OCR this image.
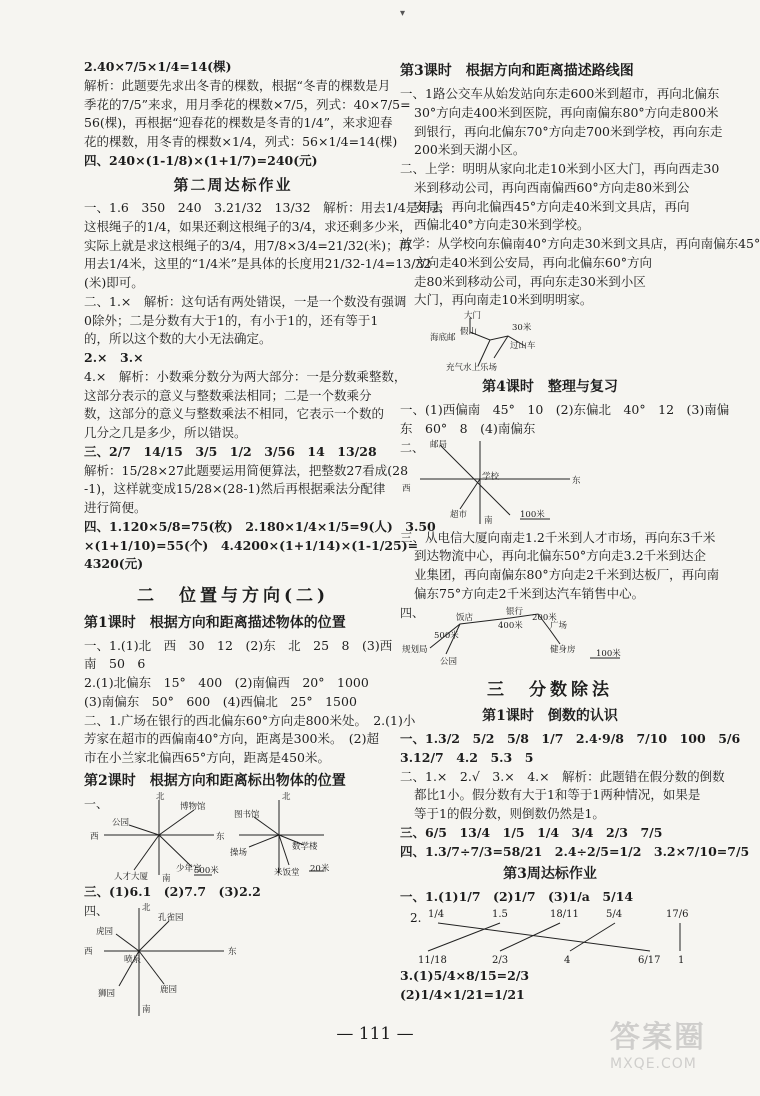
▾
2.40×7/5×1/4=14(棵)
解析：此题要先求出冬青的棵数，根据“冬青的棵数是月
季花的7/5”来求，用月季花的棵数×7/5，列式：40×7/5=
56(棵)，再根据“迎春花的棵数是冬青的1/4”，来求迎春
花的棵数，用冬青的棵数×1/4，列式：56×1/4=14(棵)
四、240×(1-1/8)×(1+1/7)=240(元)
第二周达标作业
一、1.6　350　240　3.21/32　13/32　解析：用去1/4是用去
这根绳子的1/4，如果还剩这根绳子的3/4，求还剩多少米，
实际上就是求这根绳子的3/4，用7/8×3/4=21/32(米)；再
用去1/4米，这里的“1/4米”是具体的长度用21/32-1/4=13/32
(米)即可。
二、1.×　解析：这句话有两处错误，一是一个数没有强调
0除外；二是分数有大于1的，有小于1的，还有等于1
的，所以这个数的大小无法确定。
2.×　3.×
4.×　解析：小数乘分数分为两大部分：一是分数乘整数，
这部分表示的意义与整数乘法相同；二是一个数乘分
数，这部分的意义与整数乘法不相同，它表示一个数的
几分之几是多少，所以错误。
三、2/7　14/15　3/5　1/2　3/56　14　13/28
解析：15/28×27此题要运用简便算法，把整数27看成(28
-1)，这样就变成15/28×(28-1)然后再根据乘法分配律
进行简便。
四、1.120×5/8=75(枚)　2.180×1/4×1/5=9(人)　3.50
×(1+1/10)=55(个)　4.4200×(1+1/14)×(1-1/25)=
4320(元)
二　位置与方向(二)
第1课时　根据方向和距离描述物体的位置
一、1.(1)北　西　30　12　(2)东　北　25　8　(3)西
南　50　6
2.(1)北偏东　15°　400　(2)南偏西　20°　1000
(3)南偏东　50°　600　(4)西偏北　25°　1500
二、1.广场在银行的西北偏东60°方向走800米处。　2.(1)小
芳家在超市的西偏南40°方向，距离是300米。　(2)超
市在小兰家北偏西65°方向，距离是450米。
第2课时　根据方向和距离标出物体的位置
一、	北
西	东
南
博物馆
公园
人才大厦
少年宫
500米
北
图书馆
操场
数学楼
米饭堂 20米
三、(1)6.1　(2)7.7　(3)2.2
四、	北
西	东
南
孔雀园
虎园
喷泉
狮园	鹿园
第3课时　根据方向和距离描述路线图
一、1路公交车从始发站向东走600米到超市，再向北偏东
30°方向走400米到医院，再向南偏东80°方向走800米
到银行，再向北偏东70°方向走700米到学校，再向东走
200米到天湖小区。
二、上学：明明从家向北走10米到小区大门，再向西走30
米到移动公司，再向西南偏西60°方向走80米到公
安局，再向北偏西45°方向走40米到文具店，再向
西偏北40°方向走30米到学校。
放学：从学校向东偏南40°方向走30米到文具店，再向南偏东45°
方向走40米到公安局，再向北偏东60°方向
走80米到移动公司，再向东走30米到小区
大门，再向南走10米到明明家。
大门
海底邮
假山
过山车
充气水上乐场
30米
第4课时　整理与复习
一、(1)西偏南　45°　10　(2)东偏北　40°　12　(3)南偏
东　60°　8　(4)南偏东
二、 邮局
学校
超市
南
东
西
100米
三、从电信大厦向南走1.2千米到人才市场，再向东3千米
到达物流中心，再向北偏东50°方向走3.2千米到达企
业集团，再向南偏东80°方向走2千米到达板厂，再向南
偏东75°方向走2千米到达汽车销售中心。
四、	饭店
银行
广场
规划局
公园
健身房
400米
200米
500米
100米
三　分数除法
第1课时　倒数的认识
一、1.3/2　5/2　5/8　1/7　2.4·9/8　7/10　100　5/6
3.12/7　4.2　5.3　5
二、1.×　2.√　3.×　4.×　解析：此题错在假分数的倒数
都比1小。假分数有大于1和等于1两种情况，如果是
等于1的假分数，则倒数仍然是1。
三、6/5　13/4　1/5　1/4　3/4　2/3　7/5
四、1.3/7÷7/3=58/21　2.4÷2/5=1/2　3.2×7/10=7/5
第3周达标作业
一、1.(1)1/7　(2)1/7　(3)1/a　5/14
2. 1/4	1.5	18/11	5/4	17/6
11/18	2/3	4	6/17 1
3.(1)5/4×8/15=2/3
(2)1/4×1/21=1/21
— 111 —	答案圈
MXQE.COM
